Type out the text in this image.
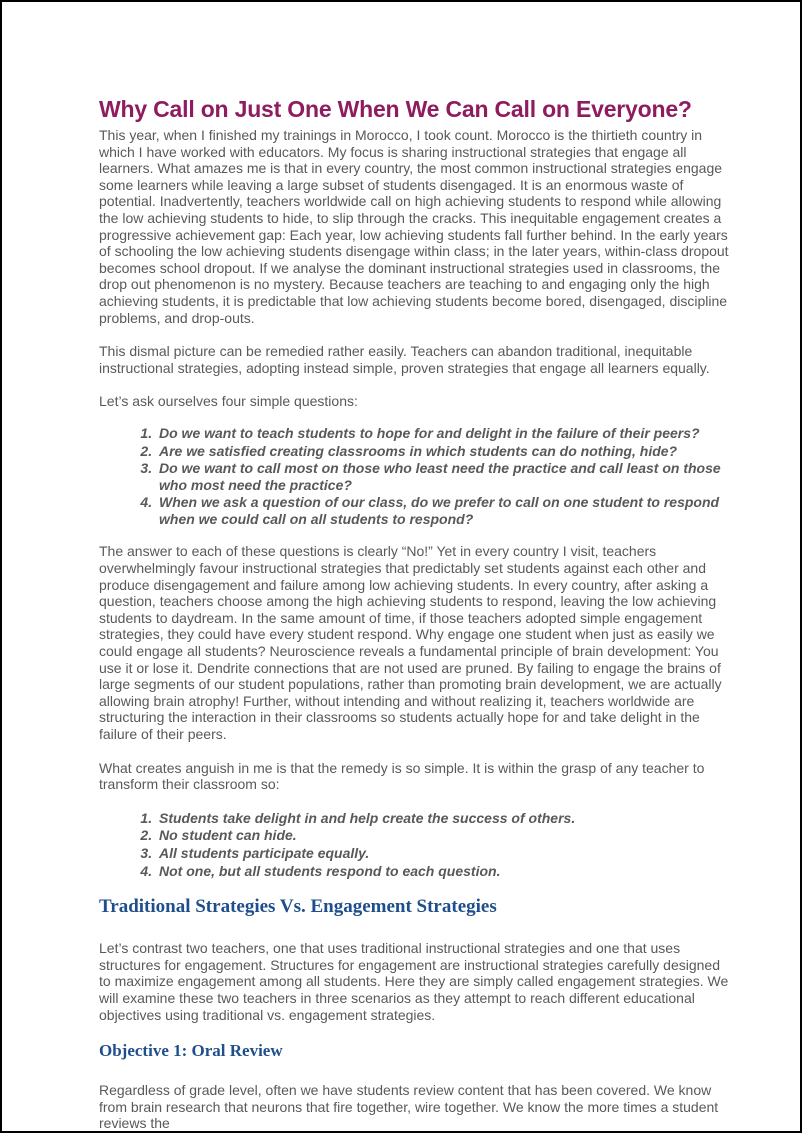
Why Call on Just One When We Can Call on Everyone?

This year, when I finished my trainings in Morocco, I took count. Morocco is the thirtieth country in which I have worked with educators. My focus is sharing instructional strategies that engage all learners. What amazes me is that in every country, the most common instructional strategies engage some learners while leaving a large subset of students disengaged. It is an enormous waste of potential. Inadvertently, teachers worldwide call on high achieving students to respond while allowing the low achieving students to hide, to slip through the cracks. This inequitable engagement creates a progressive achievement gap: Each year, low achieving students fall further behind. In the early years of schooling the low achieving students disengage within class; in the later years, within-class dropout becomes school dropout. If we analyse the dominant instructional strategies used in classrooms, the drop out phenomenon is no mystery. Because teachers are teaching to and engaging only the high achieving students, it is predictable that low achieving students become bored, disengaged, discipline problems, and drop-outs.

This dismal picture can be remedied rather easily. Teachers can abandon traditional, inequitable instructional strategies, adopting instead simple, proven strategies that engage all learners equally.

Let’s ask ourselves four simple questions:

1. Do we want to teach students to hope for and delight in the failure of their peers?
2. Are we satisfied creating classrooms in which students can do nothing, hide?
3. Do we want to call most on those who least need the practice and call least on those who most need the practice?
4. When we ask a question of our class, do we prefer to call on one student to respond when we could call on all students to respond?

The answer to each of these questions is clearly “No!” Yet in every country I visit, teachers overwhelmingly favour instructional strategies that predictably set students against each other and produce disengagement and failure among low achieving students. In every country, after asking a question, teachers choose among the high achieving students to respond, leaving the low achieving students to daydream. In the same amount of time, if those teachers adopted simple engagement strategies, they could have every student respond. Why engage one student when just as easily we could engage all students? Neuroscience reveals a fundamental principle of brain development: You use it or lose it. Dendrite connections that are not used are pruned. By failing to engage the brains of large segments of our student populations, rather than promoting brain development, we are actually allowing brain atrophy! Further, without intending and without realizing it, teachers worldwide are structuring the interaction in their classrooms so students actually hope for and take delight in the failure of their peers.

What creates anguish in me is that the remedy is so simple. It is within the grasp of any teacher to transform their classroom so:

1. Students take delight in and help create the success of others.
2. No student can hide.
3. All students participate equally.
4. Not one, but all students respond to each question.
Traditional Strategies Vs. Engagement Strategies

Let’s contrast two teachers, one that uses traditional instructional strategies and one that uses structures for engagement. Structures for engagement are instructional strategies carefully designed to maximize engagement among all students. Here they are simply called engagement strategies. We will examine these two teachers in three scenarios as they attempt to reach different educational objectives using traditional vs. engagement strategies.

Objective 1: Oral Review

Regardless of grade level, often we have students review content that has been covered. We know from brain research that neurons that fire together, wire together. We know the more times a student reviews the
